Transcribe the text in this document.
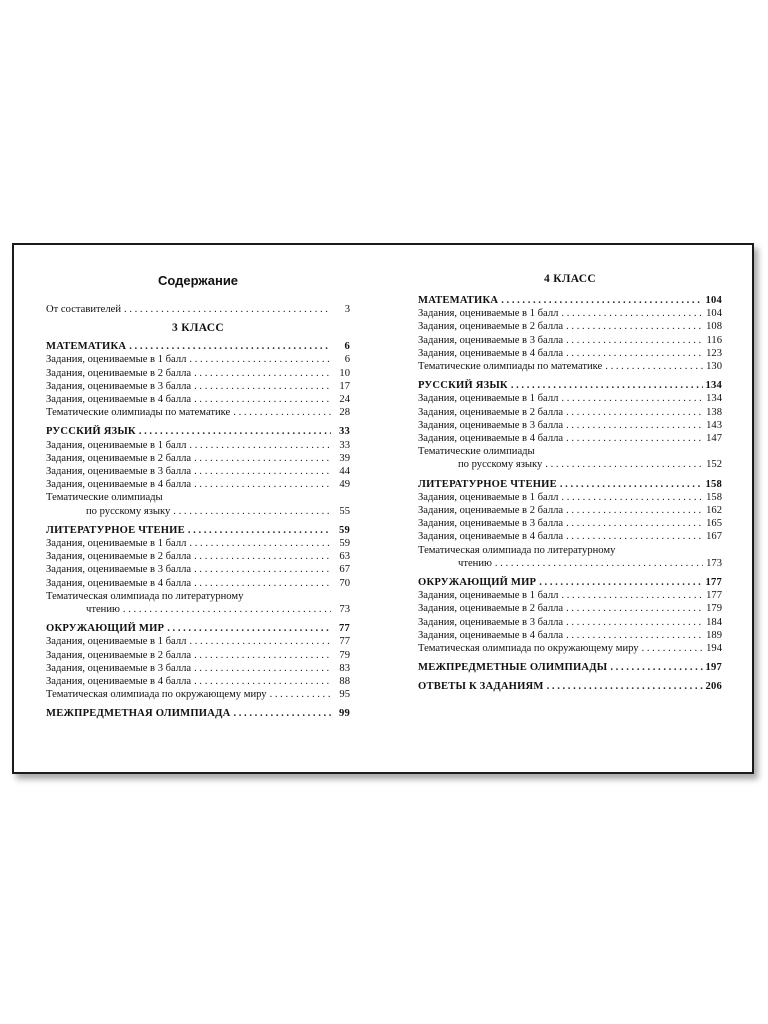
Содержание
От составителей . . .	3
3 КЛАСС
МАТЕМАТИКА . . .	6
Задания, оцениваемые в 1 балл . . .	6
Задания, оцениваемые в 2 балла . . .	10
Задания, оцениваемые в 3 балла . . .	17
Задания, оцениваемые в 4 балла . . .	24
Тематические олимпиады по математике . . .	28
РУССКИЙ ЯЗЫК . . .	33
Задания, оцениваемые в 1 балл . . .	33
Задания, оцениваемые в 2 балла . . .	39
Задания, оцениваемые в 3 балла . . .	44
Задания, оцениваемые в 4 балла . . .	49
Тематические олимпиады
по русскому языку . . .	55
ЛИТЕРАТУРНОЕ ЧТЕНИЕ . . .	59
Задания, оцениваемые в 1 балл . . .	59
Задания, оцениваемые в 2 балла . . .	63
Задания, оцениваемые в 3 балла . . .	67
Задания, оцениваемые в 4 балла . . .	70
Тематическая олимпиада по литературному
чтению . . .	73
ОКРУЖАЮЩИЙ МИР . . .	77
Задания, оцениваемые в 1 балл . . .	77
Задания, оцениваемые в 2 балла . . .	79
Задания, оцениваемые в 3 балла . . .	83
Задания, оцениваемые в 4 балла . . .	88
Тематическая олимпиада по окружающему миру . . .	95
МЕЖПРЕДМЕТНАЯ ОЛИМПИАДА . . .	99
4 КЛАСС
МАТЕМАТИКА . . .	104
Задания, оцениваемые в 1 балл . . .	104
Задания, оцениваемые в 2 балла . . .	108
Задания, оцениваемые в 3 балла . . .	116
Задания, оцениваемые в 4 балла . . .	123
Тематические олимпиады по математике . . .	130
РУССКИЙ ЯЗЫК . . .	134
Задания, оцениваемые в 1 балл . . .	134
Задания, оцениваемые в 2 балла . . .	138
Задания, оцениваемые в 3 балла . . .	143
Задания, оцениваемые в 4 балла . . .	147
Тематические олимпиады
по русскому языку . . .	152
ЛИТЕРАТУРНОЕ ЧТЕНИЕ . . .	158
Задания, оцениваемые в 1 балл . . .	158
Задания, оцениваемые в 2 балла . . .	162
Задания, оцениваемые в 3 балла . . .	165
Задания, оцениваемые в 4 балла . . .	167
Тематическая олимпиада по литературному
чтению . . .	173
ОКРУЖАЮЩИЙ МИР . . .	177
Задания, оцениваемые в 1 балл . . .	177
Задания, оцениваемые в 2 балла . . .	179
Задания, оцениваемые в 3 балла . . .	184
Задания, оцениваемые в 4 балла . . .	189
Тематическая олимпиада по окружающему миру . . .	194
МЕЖПРЕДМЕТНЫЕ ОЛИМПИАДЫ . . .	197
ОТВЕТЫ К ЗАДАНИЯМ . . .	206
